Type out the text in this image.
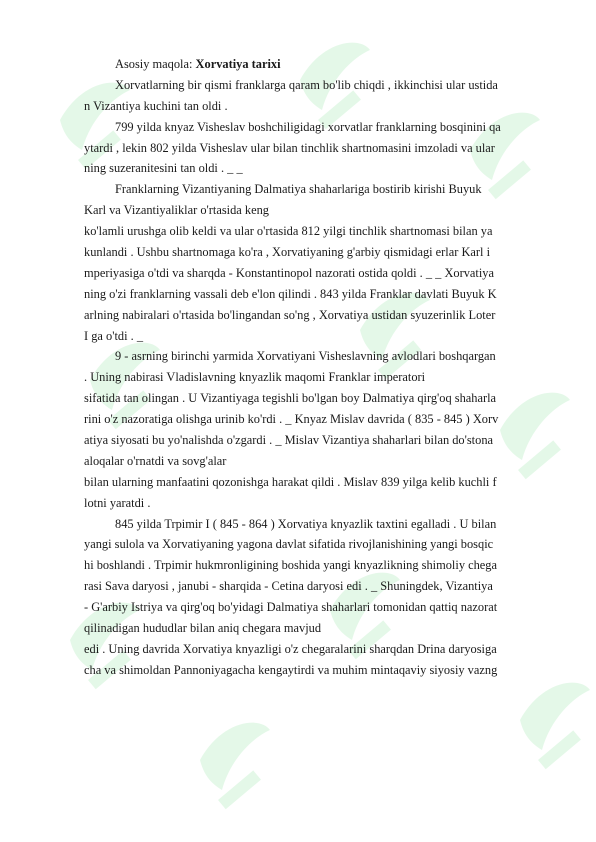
Asosiy maqola: Xorvatiya tarixi
Xorvatlarning bir qismi franklarga qaram bo'lib chiqdi , ikkinchisi ular ustida
n Vizantiya kuchini tan oldi .
799 yilda knyaz Visheslav boshchiligidagi xorvatlar franklarning bosqinini qa
ytardi , lekin 802 yilda Visheslav ular bilan tinchlik shartnomasini imzoladi va ular
ning suzeranitesini tan oldi . _ _
Franklarning Vizantiyaning Dalmatiya shaharlariga bostirib kirishi Buyuk
Karl va Vizantiyaliklar o'rtasida keng
ko'lamli urushga olib keldi va ular o'rtasida 812 yilgi tinchlik shartnomasi bilan ya
kunlandi . Ushbu shartnomaga ko'ra , Xorvatiyaning g'arbiy qismidagi erlar Karl i
mperiyasiga o'tdi va sharqda - Konstantinopol nazorati ostida qoldi . _ _ Xorvatiya
ning o'zi franklarning vassali deb e'lon qilindi . 843 yilda Franklar davlati Buyuk K
arlning nabiralari o'rtasida bo'lingandan so'ng , Xorvatiya ustidan syuzerinlik Loter
I ga o'tdi . _
9 - asrning birinchi yarmida Xorvatiyani Visheslavning avlodlari boshqargan
. Uning nabirasi Vladislavning knyazlik maqomi Franklar imperatori
sifatida tan olingan . U Vizantiyaga tegishli bo'lgan boy Dalmatiya qirg'oq shaharla
rini o'z nazoratiga olishga urinib ko'rdi . _ Knyaz Mislav davrida ( 835 - 845 ) Xorv
atiya siyosati bu yo'nalishda o'zgardi . _ Mislav Vizantiya shaharlari bilan do'stona
aloqalar o'rnatdi va sovg'alar
bilan ularning manfaatini qozonishga harakat qildi . Mislav 839 yilga kelib kuchli f
lotni yaratdi .
845 yilda Trpimir I ( 845 - 864 ) Xorvatiya knyazlik taxtini egalladi . U bilan
yangi sulola va Xorvatiyaning yagona davlat sifatida rivojlanishining yangi bosqic
hi boshlandi . Trpimir hukmronligining boshida yangi knyazlikning shimoliy chega
rasi Sava daryosi , janubi - sharqida - Cetina daryosi edi . _ Shuningdek, Vizantiya
- G'arbiy Istriya va qirg'oq bo'yidagi Dalmatiya shaharlari tomonidan qattiq nazorat
qilinadigan hududlar bilan aniq chegara mavjud
edi . Uning davrida Xorvatiya knyazligi o'z chegaralarini sharqdan Drina daryosiga
cha va shimoldan Pannoniyagacha kengaytirdi va muhim mintaqaviy siyosiy vazng
